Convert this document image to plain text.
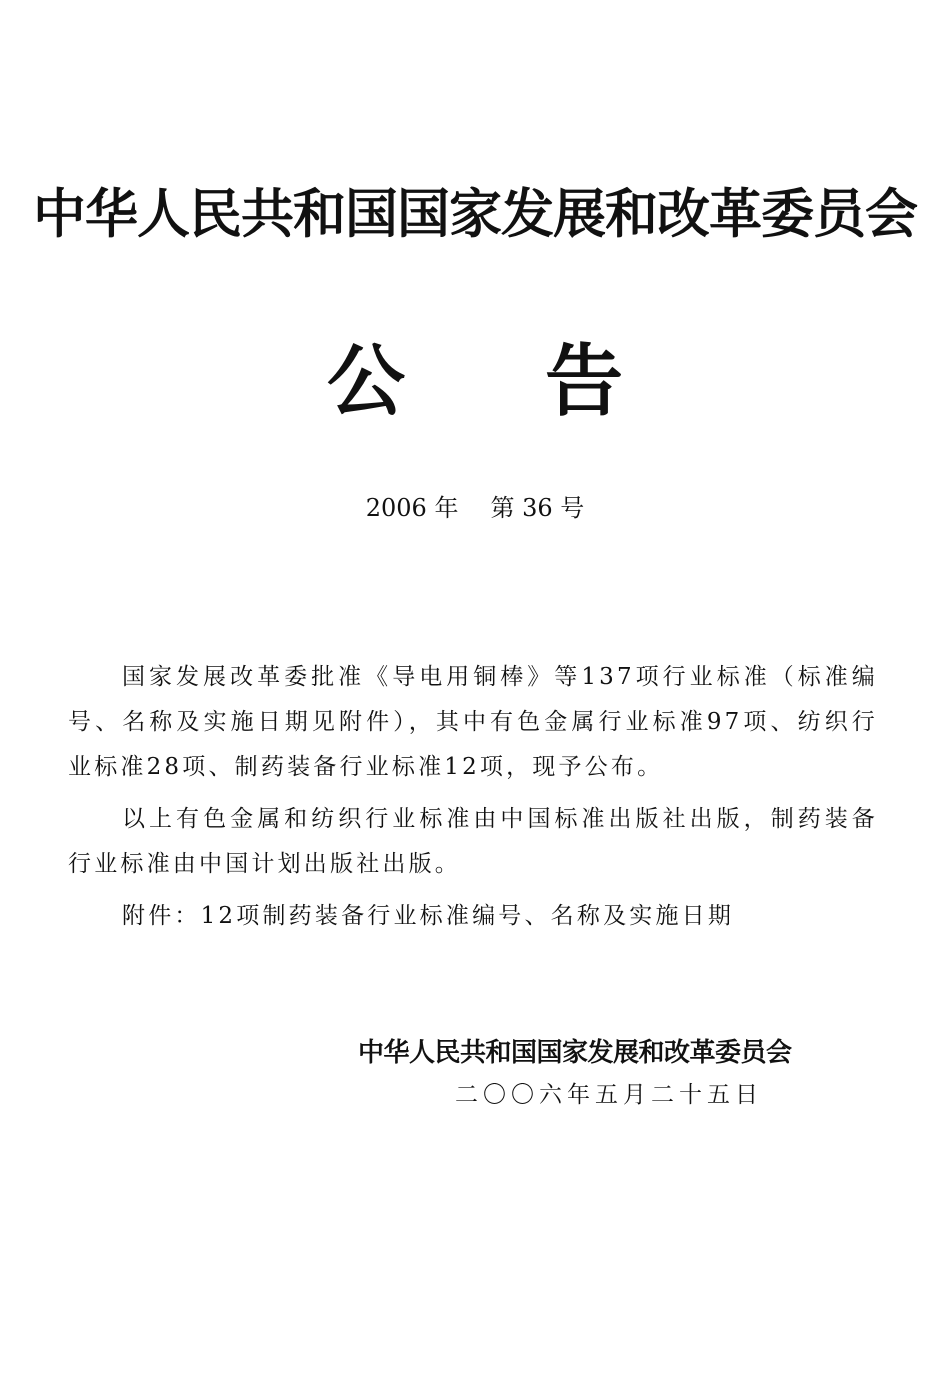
中华人民共和国国家发展和改革委员会
公告
2006 年 第 36 号

国家发展改革委批准《导电用铜棒》等137项行业标准（标准编号、名称及实施日期见附件），其中有色金属行业标准97项、纺织行业标准28项、制药装备行业标准12项，现予公布。

以上有色金属和纺织行业标准由中国标准出版社出版，制药装备行业标准由中国计划出版社出版。

附件：12项制药装备行业标准编号、名称及实施日期

中华人民共和国国家发展和改革委员会
二〇〇六年五月二十五日
